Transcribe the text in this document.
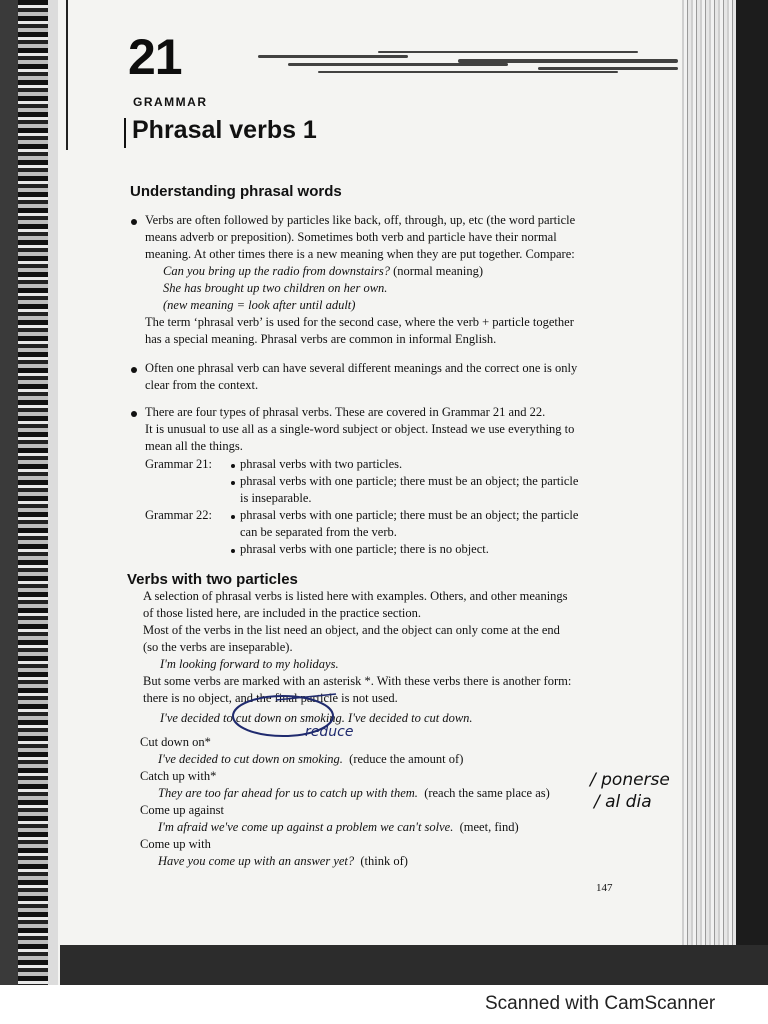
21
GRAMMAR
Phrasal verbs 1
Understanding phrasal words
Verbs are often followed by particles like back, off, through, up, etc (the word particle
means adverb or preposition). Sometimes both verb and particle have their normal
meaning. At other times there is a new meaning when they are put together. Compare:
Can you bring up the radio from downstairs? (normal meaning)
She has brought up two children on her own.
(new meaning = look after until adult)
The term ‘phrasal verb’ is used for the second case, where the verb + particle together
has a special meaning. Phrasal verbs are common in informal English.
Often one phrasal verb can have several different meanings and the correct one is only
clear from the context.
There are four types of phrasal verbs. These are covered in Grammar 21 and 22.
It is unusual to use all as a single-word subject or object. Instead we use everything to
mean all the things.
Grammar 21: phrasal verbs with two particles.
phrasal verbs with one particle; there must be an object; the particle
is inseparable.
Grammar 22: phrasal verbs with one particle; there must be an object; the particle
can be separated from the verb.
phrasal verbs with one particle; there is no object.
Verbs with two particles
A selection of phrasal verbs is listed here with examples. Others, and other meanings
of those listed here, are included in the practice section.
Most of the verbs in the list need an object, and the object can only come at the end
(so the verbs are inseparable).
I'm looking forward to my holidays.
But some verbs are marked with an asterisk *. With these verbs there is another form:
there is no object, and the final particle is not used.
I've decided to cut down on smoking. I've decided to cut down.
reduce
Cut down on*
I've decided to cut down on smoking. (reduce the amount of)
Catch up with*
They are too far ahead for us to catch up with them. (reach the same place as)
Come up against
I'm afraid we've come up against a problem we can't solve. (meet, find)
Come up with
Have you come up with an answer yet? (think of)
/ ponerse
/ al dia
147
Scanned with CamScanner
